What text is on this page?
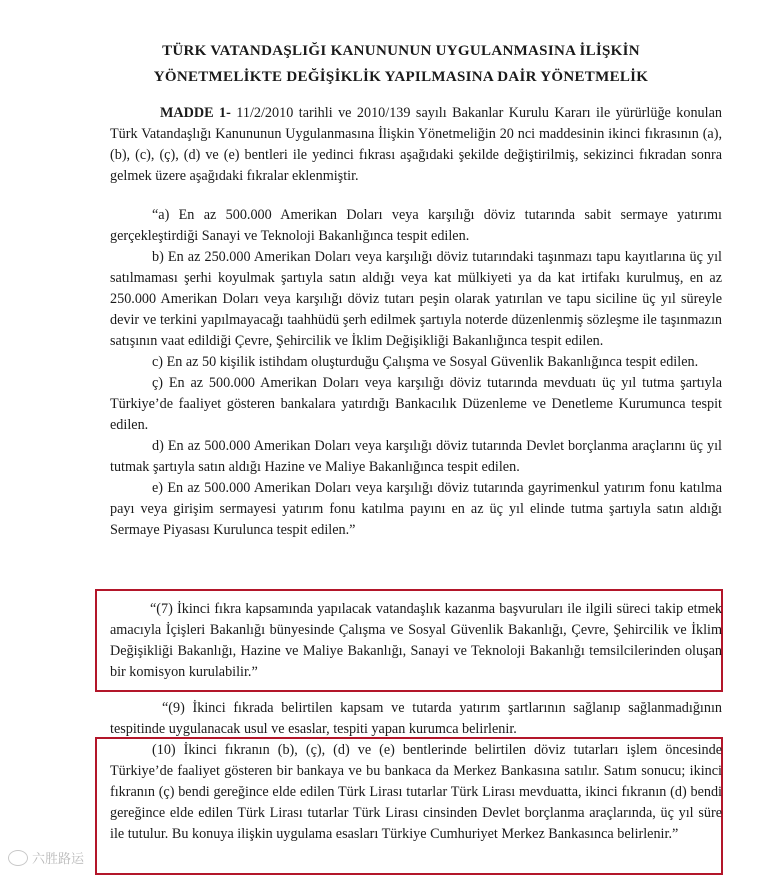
TÜRK VATANDAŞLIĞI KANUNUNUN UYGULANMASINA İLİŞKİN
YÖNETMELİKTE DEĞİŞİKLİK YAPILMASINA DAİR YÖNETMELİK
MADDE 1- 11/2/2010 tarihli ve 2010/139 sayılı Bakanlar Kurulu Kararı ile yürürlüğe konulan Türk Vatandaşlığı Kanununun Uygulanmasına İlişkin Yönetmeliğin 20 nci maddesinin ikinci fıkrasının (a), (b), (c), (ç), (d) ve (e) bentleri ile yedinci fıkrası aşağıdaki şekilde değiştirilmiş, sekizinci fıkradan sonra gelmek üzere aşağıdaki fıkralar eklenmiştir.
“a) En az 500.000 Amerikan Doları veya karşılığı döviz tutarında sabit sermaye yatırımı gerçekleştirdiği Sanayi ve Teknoloji Bakanlığınca tespit edilen.
b) En az 250.000 Amerikan Doları veya karşılığı döviz tutarındaki taşınmazı tapu kayıtlarına üç yıl satılmaması şerhi koyulmak şartıyla satın aldığı veya kat mülkiyeti ya da kat irtifakı kurulmuş, en az 250.000 Amerikan Doları veya karşılığı döviz tutarı peşin olarak yatırılan ve tapu siciline üç yıl süreyle devir ve terkini yapılmayacağı taahhüdü şerh edilmek şartıyla noterde düzenlenmiş sözleşme ile taşınmazın satışının vaat edildiği Çevre, Şehircilik ve İklim Değişikliği Bakanlığınca tespit edilen.
c) En az 50 kişilik istihdam oluşturduğu Çalışma ve Sosyal Güvenlik Bakanlığınca tespit edilen.
ç) En az 500.000 Amerikan Doları veya karşılığı döviz tutarında mevduatı üç yıl tutma şartıyla Türkiye’de faaliyet gösteren bankalara yatırdığı Bankacılık Düzenleme ve Denetleme Kurumunca tespit edilen.
d) En az 500.000 Amerikan Doları veya karşılığı döviz tutarında Devlet borçlanma araçlarını üç yıl tutmak şartıyla satın aldığı Hazine ve Maliye Bakanlığınca tespit edilen.
e) En az 500.000 Amerikan Doları veya karşılığı döviz tutarında gayrimenkul yatırım fonu katılma payı veya girişim sermayesi yatırım fonu katılma payını en az üç yıl elinde tutma şartıyla satın aldığı Sermaye Piyasası Kurulunca tespit edilen.”
“(7) İkinci fıkra kapsamında yapılacak vatandaşlık kazanma başvuruları ile ilgili süreci takip etmek amacıyla İçişleri Bakanlığı bünyesinde Çalışma ve Sosyal Güvenlik Bakanlığı, Çevre, Şehircilik ve İklim Değişikliği Bakanlığı, Hazine ve Maliye Bakanlığı, Sanayi ve Teknoloji Bakanlığı temsilcilerinden oluşan bir komisyon kurulabilir.”
“(9) İkinci fıkrada belirtilen kapsam ve tutarda yatırım şartlarının sağlanıp sağlanmadığının tespitinde uygulanacak usul ve esaslar, tespiti yapan kurumca belirlenir.
(10) İkinci fıkranın (b), (ç), (d) ve (e) bentlerinde belirtilen döviz tutarları işlem öncesinde Türkiye’de faaliyet gösteren bir bankaya ve bu bankaca da Merkez Bankasına satılır. Satım sonucu; ikinci fıkranın (ç) bendi gereğince elde edilen Türk Lirası tutarlar Türk Lirası mevduatta, ikinci fıkranın (d) bendi gereğince elde edilen Türk Lirası tutarlar Türk Lirası cinsinden Devlet borçlanma araçlarında, üç yıl süre ile tutulur. Bu konuya ilişkin uygulama esasları Türkiye Cumhuriyet Merkez Bankasınca belirlenir.”
六胜路运
